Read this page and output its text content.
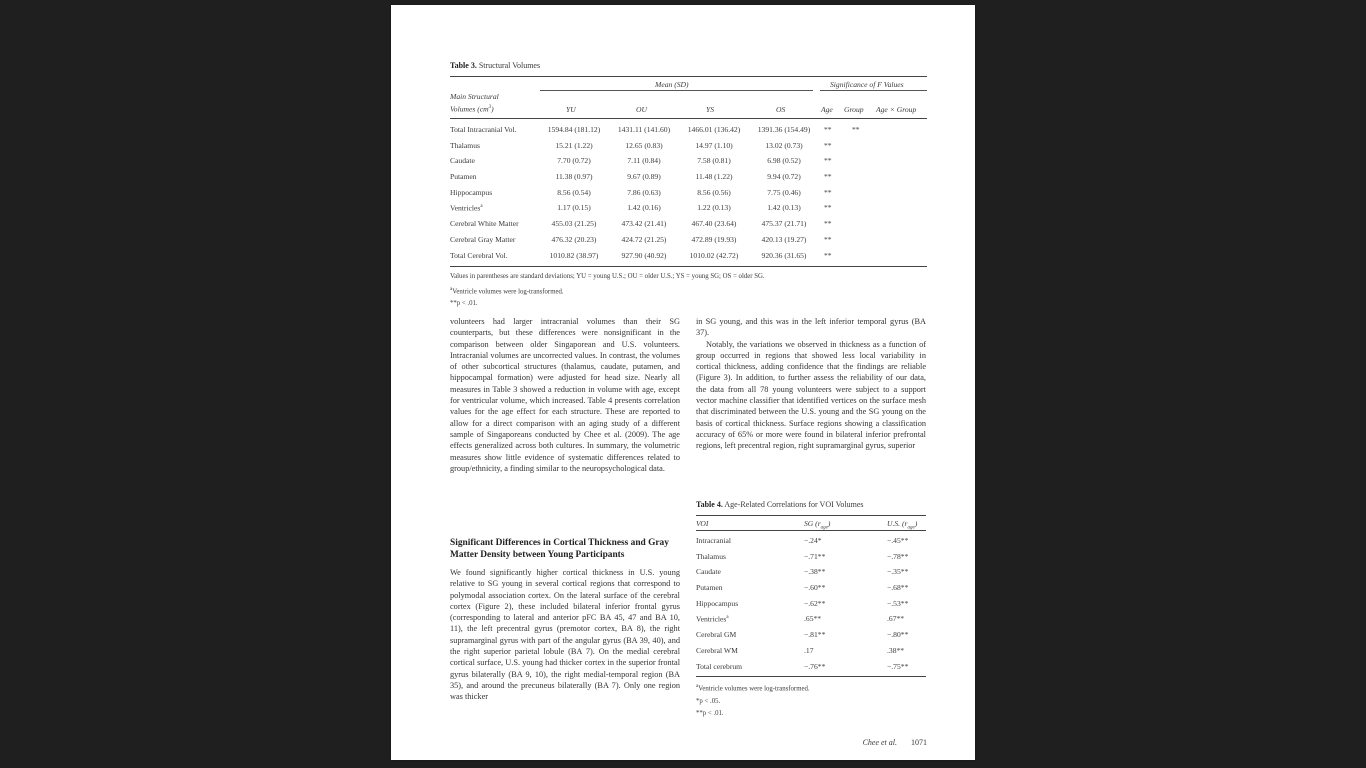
Table 3. Structural Volumes
Main Structural
Volumes $(cm^3)$
Mean (SD)	Significance of F Values
YU	OU	YS	OS	Age Group Age × Group
Total Intracranial Vol.	1594.84 (181.12) 1431.11 (141.60) 1466.01 (136.42) 1391.36 (154.49) **	**
Thalamus	15.21 (1.22)	12.65 (0.83)	14.97 (1.10)	13.02 (0.73)	**
Caudate	7.70 (0.72)	7.11 (0.84)	7.58 (0.81)	6.98 (0.52)	**
Putamen	11.38 (0.97)	9.67 (0.89)	11.48 (1.22)	9.94 (0.72)	**
Hippocampus	8.56 (0.54)	7.86 (0.63)	8.56 (0.56)	7.75 (0.46)	**
Ventricles$^a$	1.17 (0.15)	1.42 (0.16)	1.22 (0.13)	1.42 (0.13)	**
Cerebral White Matter	455.03 (21.25)	473.42 (21.41)	467.40 (23.64)	475.37 (21.71) **
Cerebral Gray Matter	476.32 (20.23)	424.72 (21.25)	472.89 (19.93)	420.13 (19.27) **
Total Cerebral Vol.	1010.82 (38.97)	927.90 (40.92)	1010.02 (42.72)	920.36 (31.65) **
Values in parentheses are standard deviations; YU = young U.S.; OU = older U.S.; YS = young SG; OS = older SG.
$^a$Ventricle volumes were log-transformed.
**p < .01.

volunteers had larger intracranial volumes than their SG counterparts, but these differences were nonsignificant in the comparison between older Singaporean and U.S. volunteers. Intracranial volumes are uncorrected values. In contrast, the volumes of other subcortical structures (thalamus, caudate, putamen, and hippocampal formation) were adjusted for head size. Nearly all measures in Table 3 showed a reduction in volume with age, except for ventricular volume, which increased. Table 4 presents correlation values for the age effect for each structure. These are reported to allow for a direct comparison with an aging study of a different sample of Singaporeans conducted by Chee et al. (2009). The age effects generalized across both cultures. In summary, the volumetric measures show little evidence of systematic differences related to group/ethnicity, a finding similar to the neuropsychological data.

Significant Differences in Cortical Thickness and Gray Matter Density between Young Participants

We found significantly higher cortical thickness in U.S. young relative to SG young in several cortical regions that correspond to polymodal association cortex. On the lateral surface of the cerebral cortex (Figure 2), these included bilateral inferior frontal gyrus (corresponding to lateral and anterior pFC BA 45, 47 and BA 10, 11), the left precentral gyrus (premotor cortex, BA 8), the right supramarginal gyrus with part of the angular gyrus (BA 39, 40), and the right superior parietal lobule (BA 7). On the medial cerebral cortical surface, U.S. young had thicker cortex in the superior frontal gyrus bilaterally (BA 9, 10), the right medial-temporal region (BA 35), and around the precuneus bilaterally (BA 7). Only one region was thicker

in SG young, and this was in the left inferior temporal gyrus (BA 37).

Notably, the variations we observed in thickness as a function of group occurred in regions that showed less local variability in cortical thickness, adding confidence that the findings are reliable (Figure 3). In addition, to further assess the reliability of our data, the data from all 78 young volunteers were subject to a support vector machine classifier that identified vertices on the surface mesh that discriminated between the U.S. young and the SG young on the basis of cortical thickness. Surface regions showing a classification accuracy of 65% or more were found in bilateral inferior prefrontal regions, left precentral region, right supramarginal gyrus, superior

Table 4. Age-Related Correlations for VOI Volumes
VOI	SG $(r_{age})$	U.S. $(r_{age})$
Intracranial	−.24*	−.45**
Thalamus	−.71**	−.78**
Caudate	−.38**	−.35**
Putamen	−.60**	−.68**
Hippocampus	−.62**	−.53**
Ventricles$^a$	.65**	.67**
Cerebral GM	−.81**	−.80**
Cerebral WM	.17	.38**
Total cerebrum	−.76**	−.75**
$^a$Ventricle volumes were log-transformed.
*p < .05.
**p < .01.
Chee et al. 1071
